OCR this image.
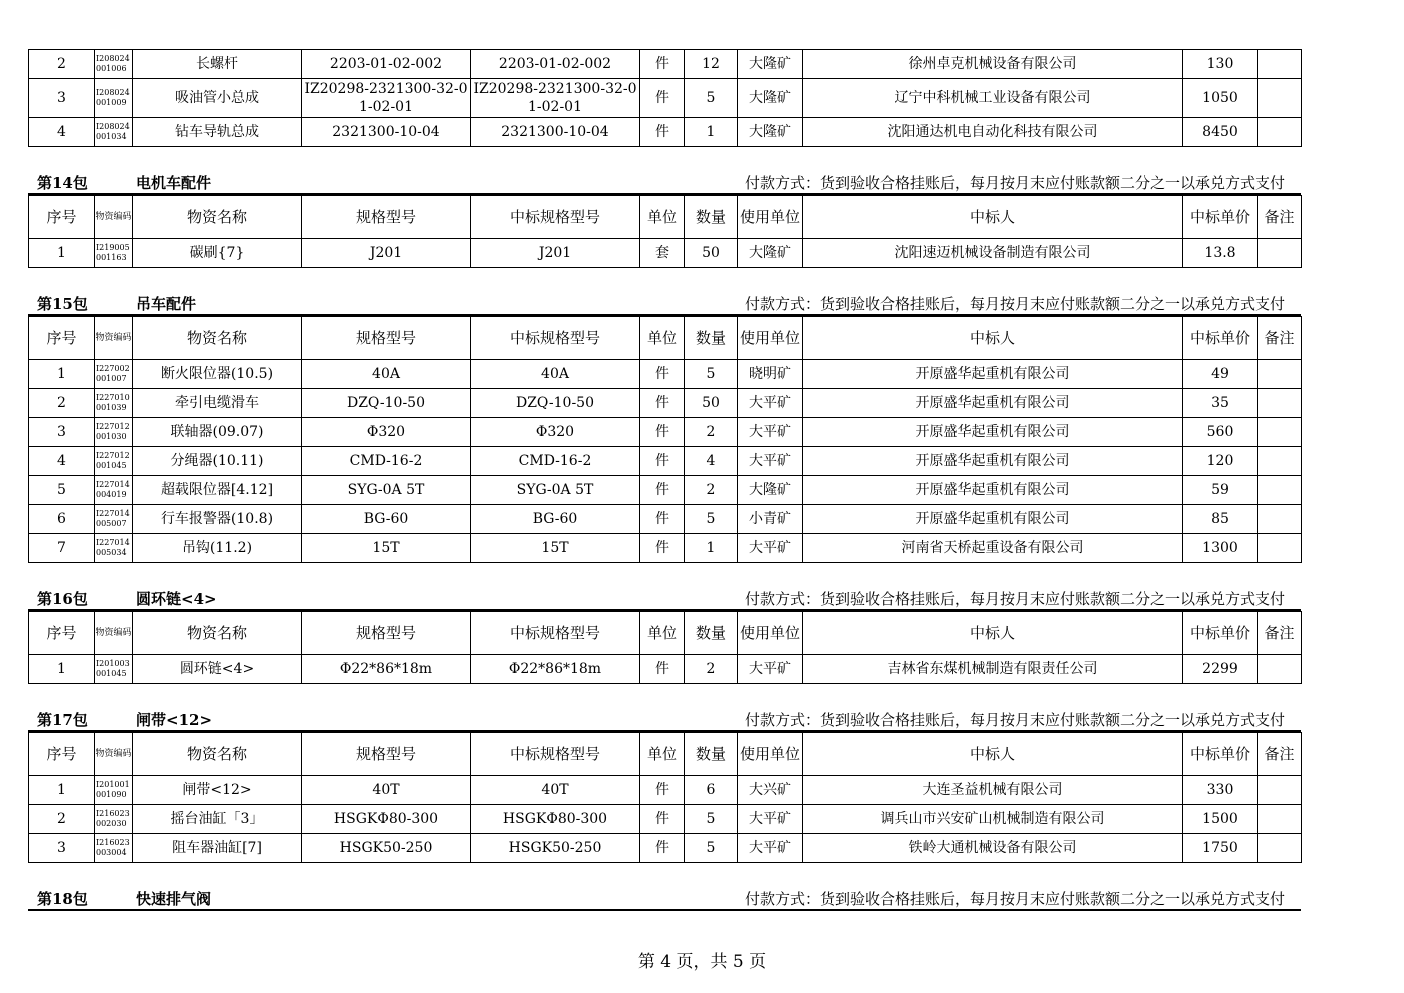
2	I208024 001006	长螺杆	2203-01-02-002	2203-01-02-002	件	12	大隆矿	徐州卓克机械设备有限公司	130	
3	I208024 001009	吸油管小总成	IZ20298-2321300-32-01-02-01	IZ20298-2321300-32-01-02-01	件	5	大隆矿	辽宁中科机械工业设备有限公司	1050	
4	I208024 001034	钻车导轨总成	2321300-10-04	2321300-10-04	件	1	大隆矿	沈阳通达机电自动化科技有限公司	8450	
第14包	电机车配件	付款方式：货到验收合格挂账后，每月按月末应付账款额二分之一以承兑方式支付
序号	物资编码	物资名称	规格型号	中标规格型号	单位	数量	使用单位	中标人	中标单价	备注
1	I219005 001163	碳刷{7}	J201	J201	套	50	大隆矿	沈阳速迈机械设备制造有限公司	13.8	
第15包	吊车配件	付款方式：货到验收合格挂账后，每月按月末应付账款额二分之一以承兑方式支付
序号	物资编码	物资名称	规格型号	中标规格型号	单位	数量	使用单位	中标人	中标单价	备注
1	I227002 001007	断火限位器(10.5)	40A	40A	件	5	晓明矿	开原盛华起重机有限公司	49	
2	I227010 001039	牵引电缆滑车	DZQ-10-50	DZQ-10-50	件	50	大平矿	开原盛华起重机有限公司	35	
3	I227012 001030	联轴器(09.07)	Φ320	Φ320	件	2	大平矿	开原盛华起重机有限公司	560	
4	I227012 001045	分绳器(10.11)	CMD-16-2	CMD-16-2	件	4	大平矿	开原盛华起重机有限公司	120	
5	I227014 004019	超载限位器[4.12]	SYG-0A 5T	SYG-0A 5T	件	2	大隆矿	开原盛华起重机有限公司	59	
6	I227014 005007	行车报警器(10.8)	BG-60	BG-60	件	5	小青矿	开原盛华起重机有限公司	85	
7	I227014 005034	吊钩(11.2)	15T	15T	件	1	大平矿	河南省天桥起重设备有限公司	1300	
第16包	圆环链<4>	付款方式：货到验收合格挂账后，每月按月末应付账款额二分之一以承兑方式支付
序号	物资编码	物资名称	规格型号	中标规格型号	单位	数量	使用单位	中标人	中标单价	备注
1	I201003 001045	圆环链<4>	Φ22*86*18m	Φ22*86*18m	件	2	大平矿	吉林省东煤机械制造有限责任公司	2299	
第17包	闸带<12>	付款方式：货到验收合格挂账后，每月按月末应付账款额二分之一以承兑方式支付
序号	物资编码	物资名称	规格型号	中标规格型号	单位	数量	使用单位	中标人	中标单价	备注
1	I201001 001090	闸带<12>	40T	40T	件	6	大兴矿	大连圣益机械有限公司	330	
2	I216023 002030	摇台油缸「3」	HSGKΦ80-300	HSGKΦ80-300	件	5	大平矿	调兵山市兴安矿山机械制造有限公司	1500	
3	I216023 003004	阻车器油缸[7]	HSGK50-250	HSGK50-250	件	5	大平矿	铁岭大通机械设备有限公司	1750	
第18包	快速排气阀	付款方式：货到验收合格挂账后，每月按月末应付账款额二分之一以承兑方式支付
第 4 页，共 5 页
